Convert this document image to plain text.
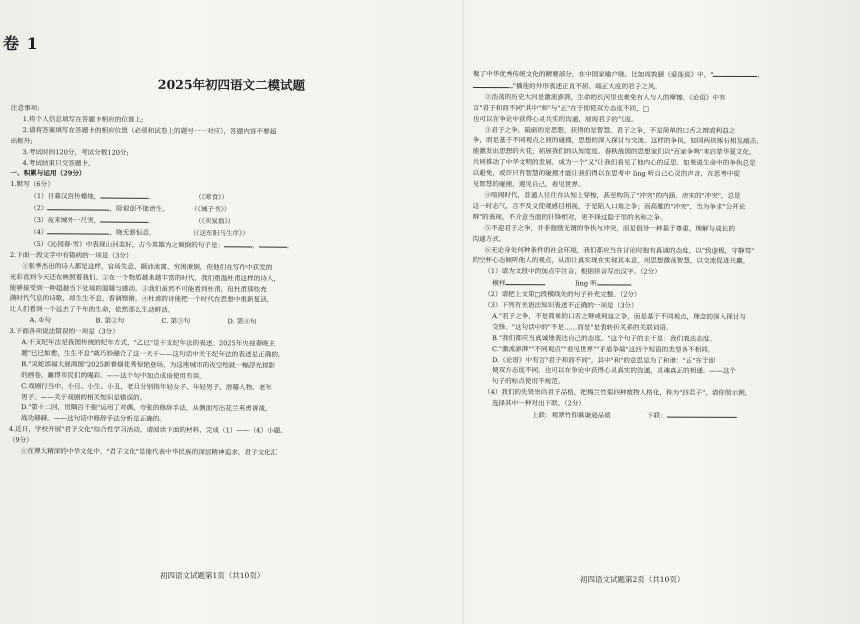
卷 1
2025年初四语文二模试题
注意事项:
1.将个人信息填写在答题卡相应的位置上;
2.请将答案填写在答题卡的相应位置（必须和试卷上的题号一一对应），答题内容不要超
出框外;
3.考试时间120分，考试分数120分;
4.考试结束只交答题卡。
一、积累与运用（29分）
1.默写（6分）
（1）日暮汉宫传蜡烛，	。	（《寒食》）
（2）	，险艰创不能治生。	（《诫子书》）
（3）夜来城外一尺雪，	。	（《卖炭翁》）
（4）	，晓无蔡恒意。	（《送东阳马生序》）
（5）《沁园春·雪》中表现山河美好，古今英雄为之倾倒的句子是：	，	。
2.下面一段文字中有错病的一项是（3分）
①张季杰出的诗人都是这样，官场失意、颠沛流离、穷困潦倒，但他们在写作中获发的
光彩直到今天还在映照着我们。②在一个物质越来越丰富的时代，我们重温杜甫这样的诗人，
能够接受到一种超越当下处境的温暖与感动。③我们虽然不可能看到杜甫，但杜甫那些充
满时代气息的诗歌，却生生不息，香调铿锵。④杜甫的诗能把一个时代在思想中重新复活，
让人们看到一个远去了千年的生命，依然那么生动鲜活。
A. ①句	B. 第②句	C. 第③句	D. 第④句
3.下面各项说法错误的一项是（3分）
A.干支纪年法是我国传统的纪年方式，"乙巳"是干支纪年法的表述。2025年央视春晚主
题"已巳如愈，生生不息"就巧妙融合了这一天干——这句话中关于纪年法的表述是正确的。
B."灵蛇添福大展鸿图"2025新春烟花秀惊艳登场，为这座城市的夜空绘就一幅浮光掠影
的画卷，赢得市民们的喝彩。——这个句中加点成语使用有误。
C.戏剧行当中，小旦、小生、小丑，老旦分别指年轻女子、年轻男子、滑稽人物、老年
男子。——关于戏剧的相关知识是错误的。
D."第十二回，贯隅百千强"运用了对偶、夸张的修辞手法，从侧面写出花兰英勇善战，
战功赫赫。——这句话中修辞手法分析是正确的。
4.近日，学校开展"君子文化"综合性学习活动，请阅读下面的材料，完成（1）——（4）小题。
（9分）
①在博大精深的中华文化中，"君子文化"是能代表中华民族的深层精神追求。君子文化汇
初四语文试题第1页（共10页）
聚了中华优秀传统文化的精要部分，在中国家喻户晓。比如周敦颐《爱莲说》中，"	，
"播莲的外形表述正直不屈、端正大度的君子之风。
②浩荡的历史大河是激流澎湃，生命的长河里也难免有人与人的摩擦。《论语》中有
言"君子和而不同"其中"和"与"正"在于即使双方态度不同，□
也可以在争论中获得心灵共实的沟通，展现君子的气度。
③君子之争，砥砺的是思想，获得的是智慧。君子之争，不是简单的口舌之辩或利益之
争，而是基于不同观点之间的碰撞，思想的深入探讨与交流。这样的争执，如同两块琢石相互敲击，
能激发出思想的火花，拓展我们的认知宽度。春秋战国的思想家们以"百家争鸣"来启蒙华夏文化，
共同推动了中华文明的发展，成为一个"又"让我们看见了他内心的反思。如果说生命中的争执总是
以避免，或许只有智慧的碰撞才能让我们得以在思考中 lìng 听自己心灵的声音，在思考中提
见智慧的碰撞，遇见自己，看见世界。
④喧闹时代，普通人往往在认知上穿梭，甚至构筑了"冲突"的内涵。唐宋的"冲突"，总是
这一时态气，言不及义使观感目相视，于是陷入口角之争；而高雅的"冲突"，当为争求"公开论
辩"的表现，不介意当面的针锋相对，更不择过隐于里的名称之争。
⑤不迎君子之争，并非鼓励无谓的争执与冲突，而是倡导一种基于尊重、理解与成长的
沟通方式。
⑥无论身处何种条件的社会环境，我们都应当在讨论时抱有真诚的态度，以"致虚极，守静笃"
的空杯心态倾听他人的观点，从而让真实现在实现其本意，用思想激荡智慧，以交流促进共赢。
（1）请为文段中的加点字注音，根据拼音写出汉字。（2分）
横样	lìng 听
（2）请把上文第□段横线处的句子补充完整。（2分）
（3）下列有关语法知识表述不正确的一项是（3分）
A."君子之争，不是简单的口舌之辩或利益之争，而是基于不同观点，理念的深入探讨与
交锋。"这句话中的"不是……而是"是表转折关系的关联词语。
B."我们都应当真诚地表达自己的态度。"这个句子的主干是：我们表达态度。
C."激流澎湃""不同观点""看见世界""矛盾争端"这四个短语的类型各不相同。
D.《论语》中有言"君子和而不同"，其中"和"的意思是为了和谐："正"在于即
便双方态度不同，也可以在争论中获得心灵真实的沟通，灵魂真正的相通。——这个
句子的标点使用不规范。
（4）我们的先贤崇尚君子品格，把梅兰竹菊四种植物人格化，称为"四君子"，请你照示例，
选择其中一种对出下联。（2分）
上联：观翠竹仰慕谦逊品质	下联：
初四语文试题第2页（共10页）
